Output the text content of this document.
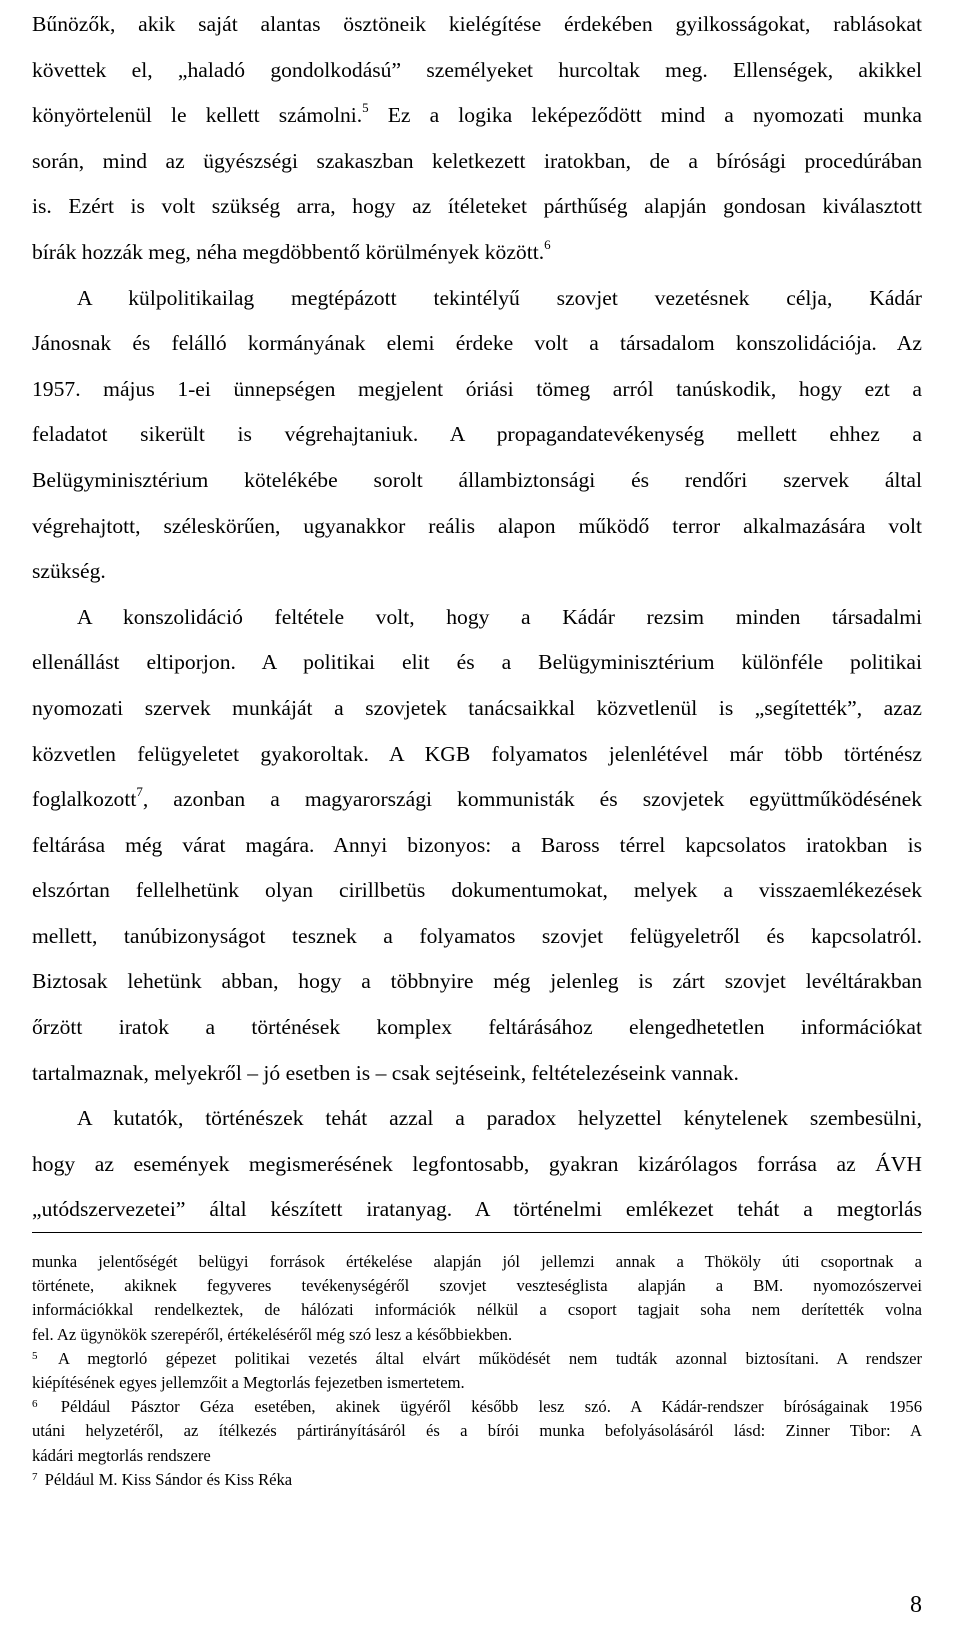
Bűnözők, akik saját alantas ösztöneik kielégítése érdekében gyilkosságokat, rablásokat
követtek el, „haladó gondolkodású” személyeket hurcoltak meg. Ellenségek, akikkel
könyörtelenül le kellett számolni.$^5$ Ez a logika leképeződött mind a nyomozati munka
során, mind az ügyészségi szakaszban keletkezett iratokban, de a bírósági procedúrában
is. Ezért is volt szükség arra, hogy az ítéleteket párthűség alapján gondosan kiválasztott
bírák hozzák meg, néha megdöbbentő körülmények között.$^6$
A külpolitikailag megtépázott tekintélyű szovjet vezetésnek célja, Kádár
Jánosnak és felálló kormányának elemi érdeke volt a társadalom konszolidációja. Az
1957. május 1-ei ünnepségen megjelent óriási tömeg arról tanúskodik, hogy ezt a
feladatot sikerült is végrehajtaniuk. A propagandatevékenység mellett ehhez a
Belügyminisztérium kötelékébe sorolt állambiztonsági és rendőri szervek által
végrehajtott, széleskörűen, ugyanakkor reális alapon működő terror alkalmazására volt
szükség.
A konszolidáció feltétele volt, hogy a Kádár rezsim minden társadalmi
ellenállást eltiporjon. A politikai elit és a Belügyminisztérium különféle politikai
nyomozati szervek munkáját a szovjetek tanácsaikkal közvetlenül is „segítették”, azaz
közvetlen felügyeletet gyakoroltak. A KGB folyamatos jelenlétével már több történész
foglalkozott$^7$, azonban a magyarországi kommunisták és szovjetek együttműködésének
feltárása még várat magára. Annyi bizonyos: a Baross térrel kapcsolatos iratokban is
elszórtan fellelhetünk olyan cirillbetüs dokumentumokat, melyek a visszaemlékezések
mellett, tanúbizonyságot tesznek a folyamatos szovjet felügyeletről és kapcsolatról.
Biztosak lehetünk abban, hogy a többnyire még jelenleg is zárt szovjet levéltárakban
őrzött iratok a történések komplex feltárásához elengedhetetlen információkat
tartalmaznak, melyekről – jó esetben is – csak sejtéseink, feltételezéseink vannak.
A kutatók, történészek tehát azzal a paradox helyzettel kénytelenek szembesülni,
hogy az események megismerésének legfontosabb, gyakran kizárólagos forrása az ÁVH
„utódszervezetei” által készített iratanyag. A történelmi emlékezet tehát a megtorlás
munka jelentőségét belügyi források értékelése alapján jól jellemzi annak a Thököly úti csoportnak a
története, akiknek fegyveres tevékenységéről szovjet veszteséglista alapján a BM. nyomozószervei
információkkal rendelkeztek, de hálózati információk nélkül a csoport tagjait soha nem derítették volna
fel. Az ügynökök szerepéről, értékeléséről még szó lesz a későbbiekben.
$^5$ A megtorló gépezet politikai vezetés által elvárt működését nem tudták azonnal biztosítani. A rendszer
kiépítésének egyes jellemzőit a Megtorlás fejezetben ismertetem.
$^6$ Például Pásztor Géza esetében, akinek ügyéről később lesz szó. A Kádár-rendszer bíróságainak 1956
utáni helyzetéről, az ítélkezés pártirányításáról és a bírói munka befolyásolásáról lásd: Zinner Tibor: A
kádári megtorlás rendszere
$^7$ Például M. Kiss Sándor és Kiss Réka
8
